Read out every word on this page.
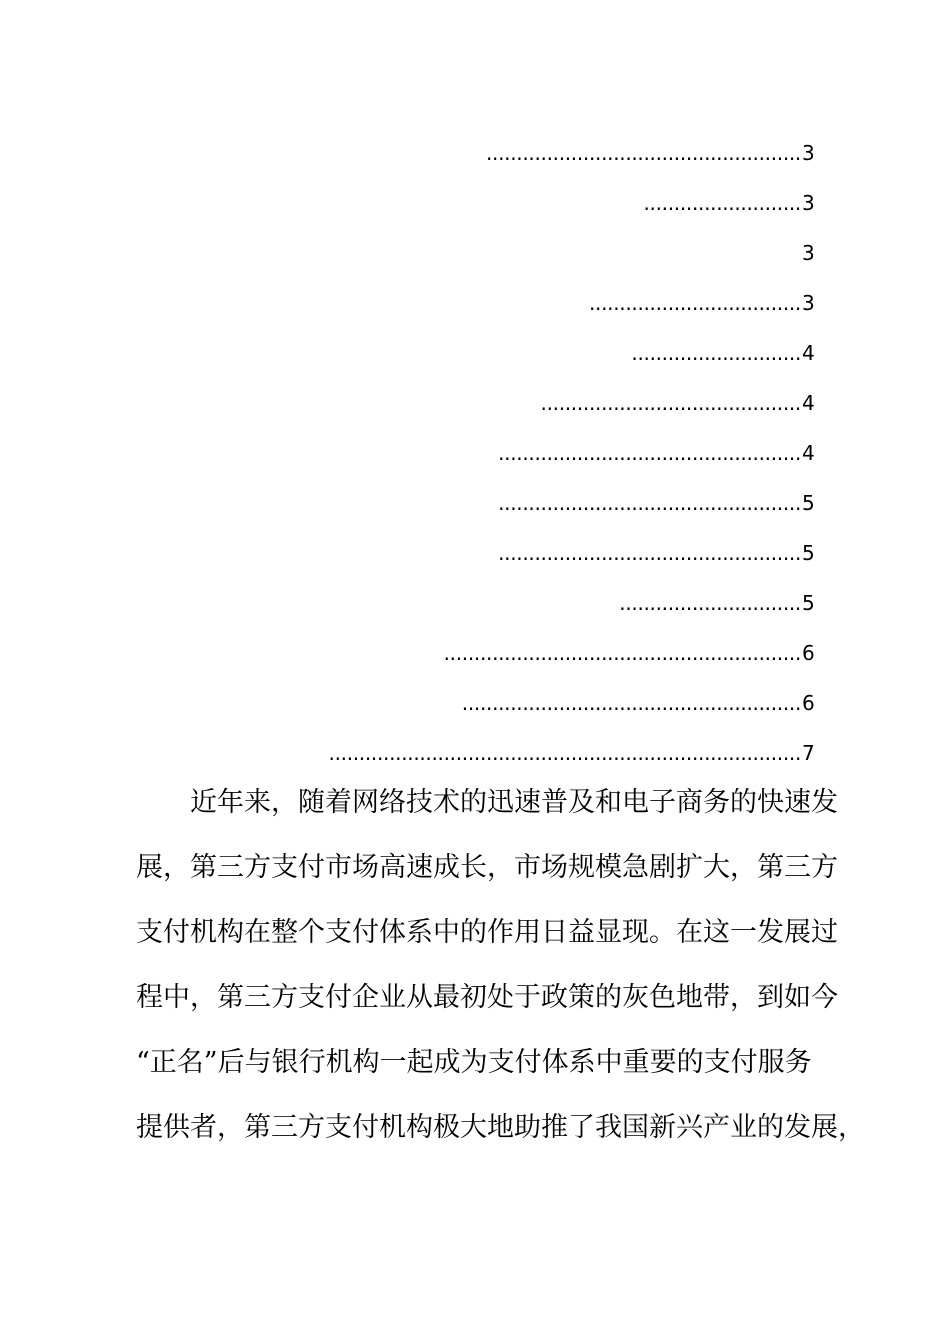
.................................................... 3
.......................... 3
3
................................... 3
............................ 4
........................................... 4
.................................................. 4
.................................................. 5
.................................................. 5
.............................. 5
........................................................... 6
........................................................ 6
.............................................................................. 7
近年来，随着网络技术的迅速普及和电子商务的快速发
展，第三方支付市场高速成长，市场规模急剧扩大，第三方
支付机构在整个支付体系中的作用日益显现。在这一发展过
程中，第三方支付企业从最初处于政策的灰色地带，到如今
“正名”后与银行机构一起成为支付体系中重要的支付服务
提供者，第三方支付机构极大地助推了我国新兴产业的发展，
